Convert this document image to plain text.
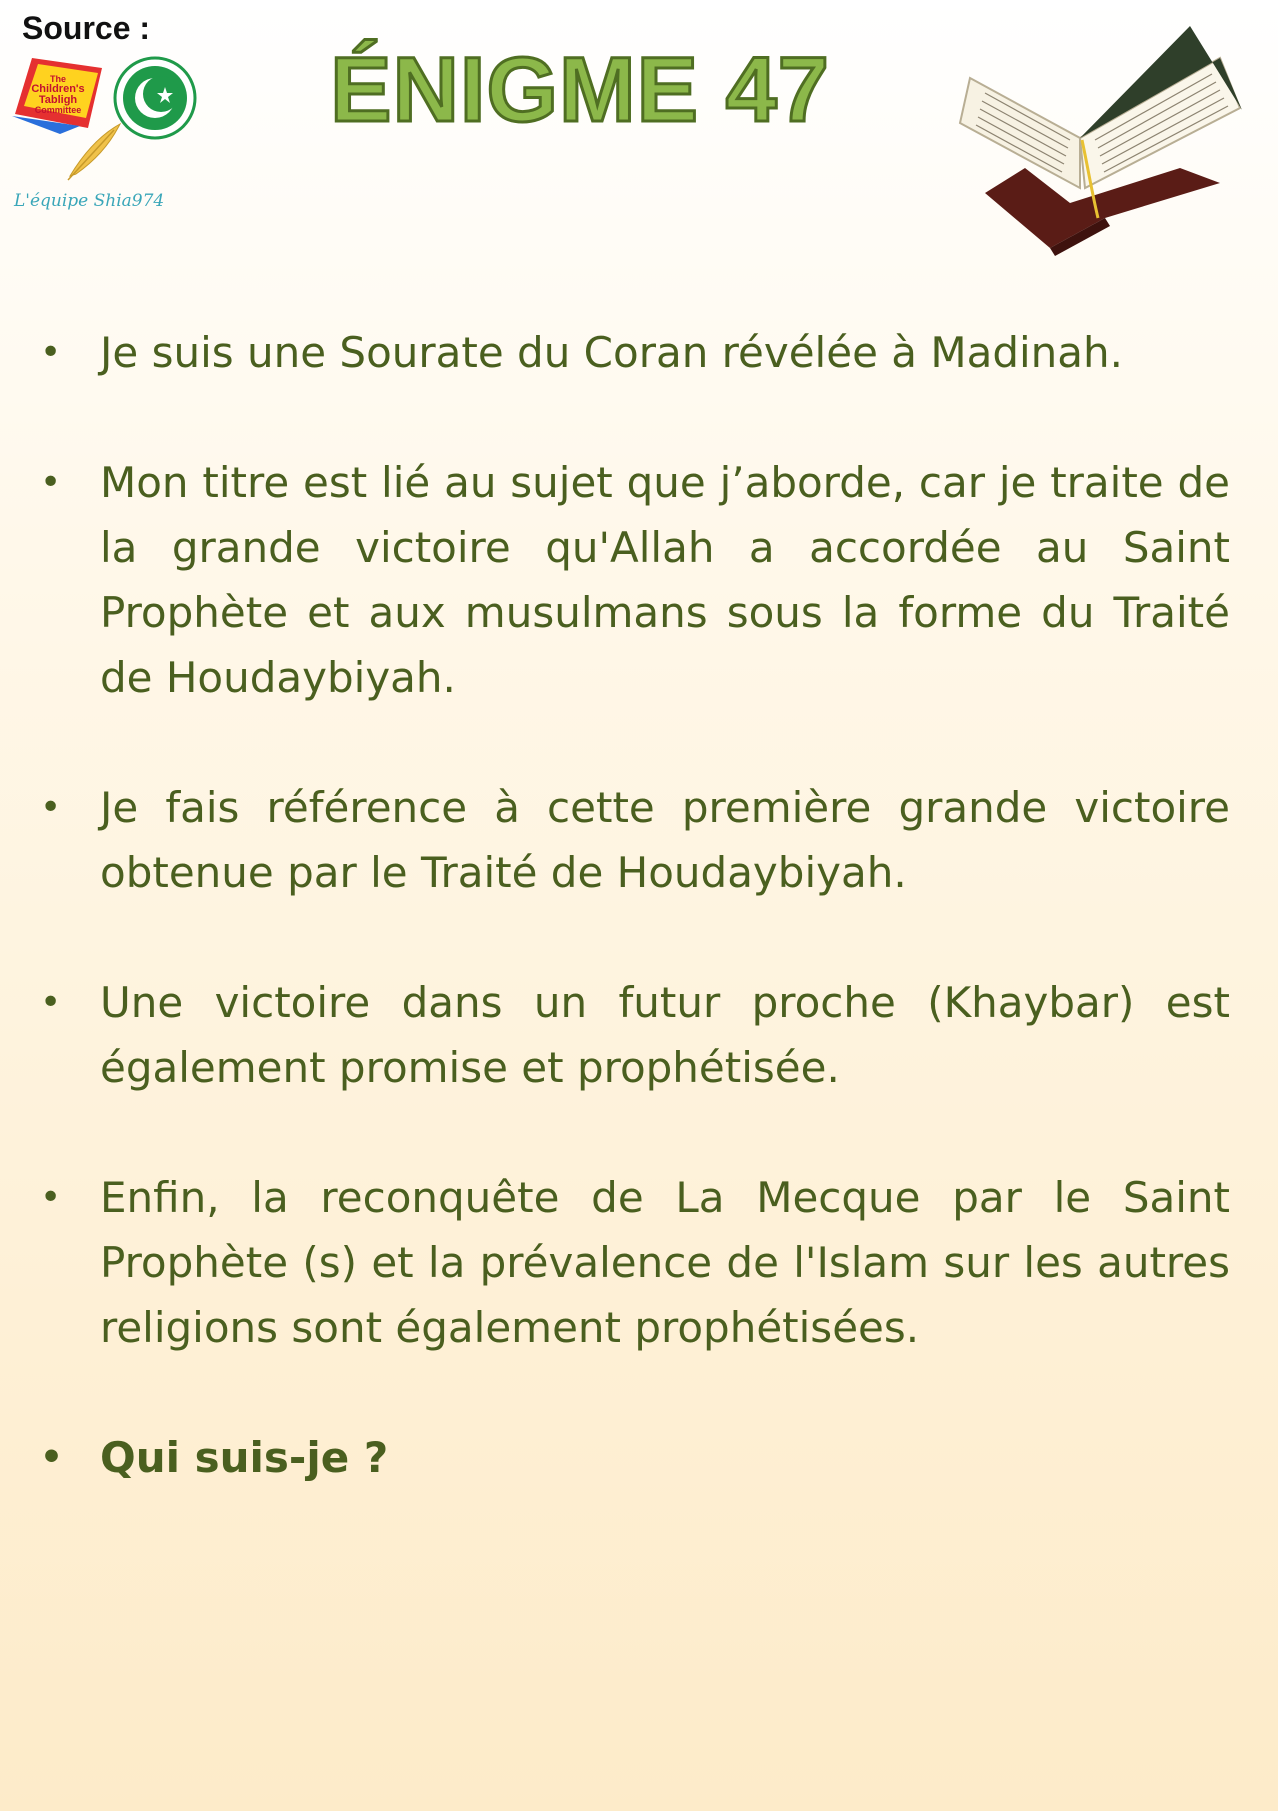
Source :
The
Children's
Tabligh
Committee
L'équipe Shia974
ÉNIGME 47
• Je suis une Sourate du Coran révélée à Madinah.
• Mon titre est lié au sujet que j’aborde, car je traite de la grande victoire qu'Allah a accordée au Saint Prophète et aux musulmans sous la forme du Traité de Houdaybiyah.
• Je fais référence à cette première grande victoire obtenue par le Traité de Houdaybiyah.
• Une victoire dans un futur proche (Khaybar) est également promise et prophétisée.
• Enfin, la reconquête de La Mecque par le Saint Prophète (s) et la prévalence de l'Islam sur les autres religions sont également prophétisées.
• Qui suis-je ?
